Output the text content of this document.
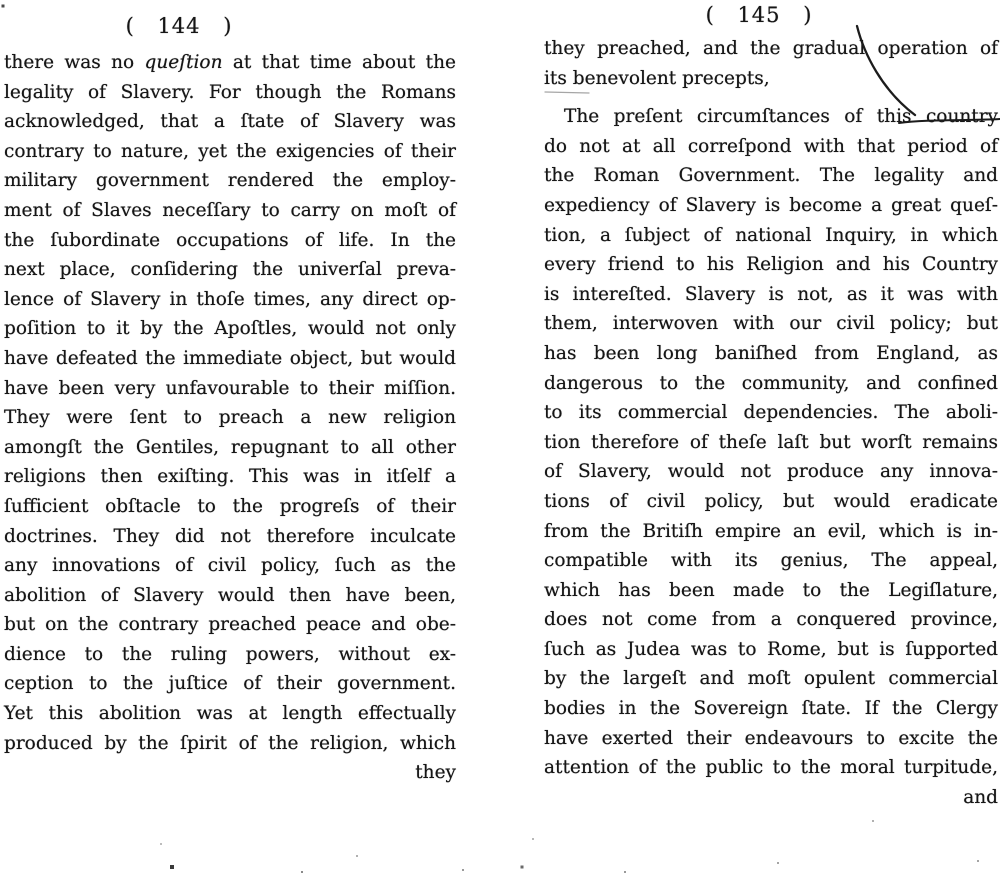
( 144 )	( 145 )
there was no queſtion at that time about the
legality of Slavery. For though the Romans
acknowledged, that a ſtate of Slavery was
contrary to nature, yet the exigencies of their
military government rendered the employ-
ment of Slaves neceſſary to carry on moſt of
the ſubordinate occupations of life. In the
next place, conſidering the univerſal preva-
lence of Slavery in thoſe times, any direct op-
poſition to it by the Apoſtles, would not only
have defeated the immediate object, but would
have been very unfavourable to their miſſion.
They were ſent to preach a new religion
amongſt the Gentiles, repugnant to all other
religions then exiſting. This was in itſelf a
ſufficient obſtacle to the progreſs of their
doctrines. They did not therefore inculcate
any innovations of civil policy, ſuch as the
abolition of Slavery would then have been,
but on the contrary preached peace and obe-
dience to the ruling powers, without ex-
ception to the juſtice of their government.
Yet this abolition was at length effectually
produced by the ſpirit of the religion, which
they
they preached, and the gradual operation of
its benevolent precepts,
The preſent circumſtances of this country
do not at all correſpond with that period of
the Roman Government. The legality and
expediency of Slavery is become a great queſ-
tion, a ſubject of national Inquiry, in which
every friend to his Religion and his Country
is intereſted. Slavery is not, as it was with
them, interwoven with our civil policy; but
has been long baniſhed from England, as
dangerous to the community, and confined
to its commercial dependencies. The aboli-
tion therefore of theſe laſt but worſt remains
of Slavery, would not produce any innova-
tions of civil policy, but would eradicate
from the Britiſh empire an evil, which is in-
compatible with its genius, The appeal,
which has been made to the Legiſlature,
does not come from a conquered province,
ſuch as Judea was to Rome, but is ſupported
by the largeſt and moſt opulent commercial
bodies in the Sovereign ſtate. If the Clergy
have exerted their endeavours to excite the
attention of the public to the moral turpitude,
and
